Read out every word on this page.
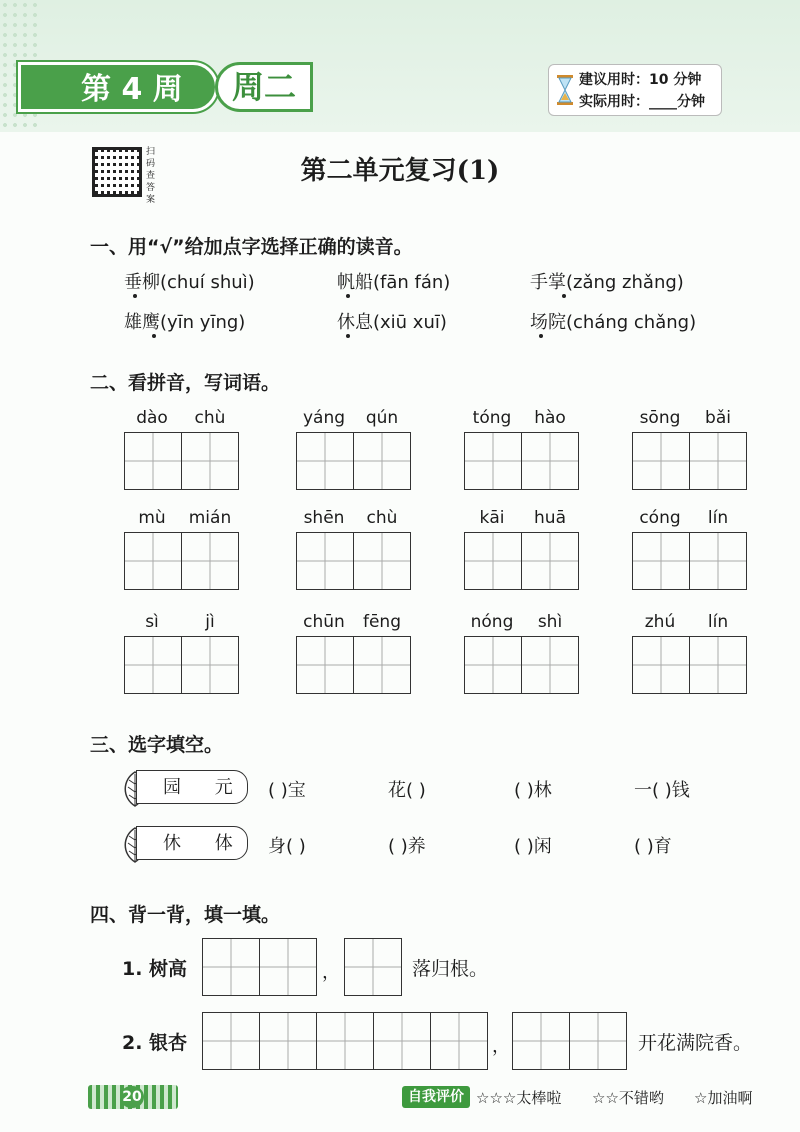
第 4 周	周二	建议用时：10 分钟
实际用时：____分钟
扫码查答案
第二单元复习(1)
一、用“√”给加点字选择正确的读音。
垂柳(chuí shuì)	帆船(fān fán)	手掌(zǎng zhǎng)
雄鹰(yīn yīng)	休息(xiū xuī)	场院(cháng chǎng)
二、看拼音，写词语。
dào	chù	yáng	qún	tóng	hào	sōng	bǎi
mù	mián	shēn	chù	kāi	huā	cóng	lín
sì	jì	chūn	fēng	nóng	shì	zhú	lín
三、选字填空。
园 元 ( )宝	花( )	( )林	一( )钱
休 体 身( )	( )养	( )闲	( )育
四、背一背，填一填。
1. 树高	，	落归根。
2. 银杏	，	开花满院香。
20	自我评价 ☆☆☆太棒啦 ☆☆不错哟 ☆加油啊
